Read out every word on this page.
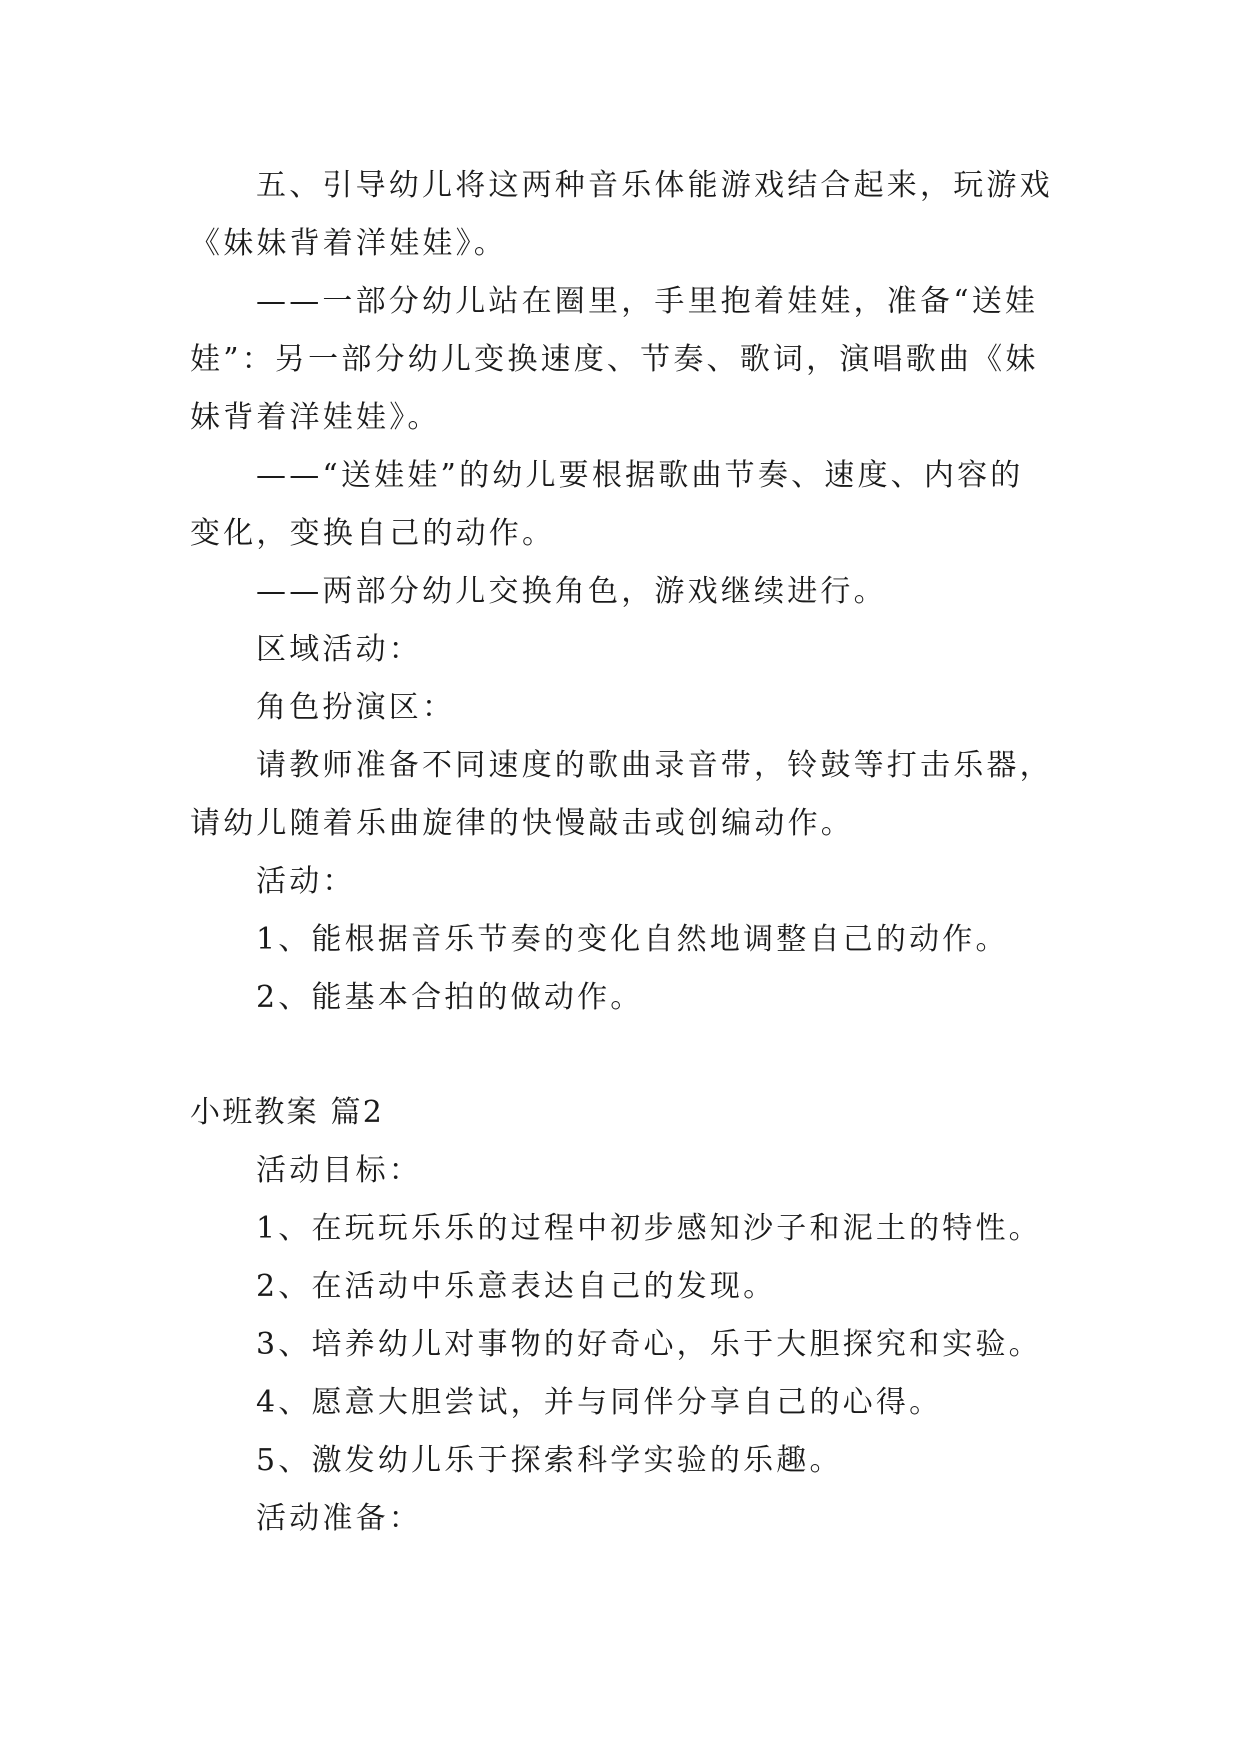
五、引导幼儿将这两种音乐体能游戏结合起来，玩游戏

《妹妹背着洋娃娃》。

——一部分幼儿站在圈里，手里抱着娃娃，准备“送娃

娃”：另一部分幼儿变换速度、节奏、歌词，演唱歌曲《妹

妹背着洋娃娃》。

——“送娃娃”的幼儿要根据歌曲节奏、速度、内容的

变化，变换自己的动作。

——两部分幼儿交换角色，游戏继续进行。

区域活动：

角色扮演区：

请教师准备不同速度的歌曲录音带，铃鼓等打击乐器，

请幼儿随着乐曲旋律的快慢敲击或创编动作。

活动：

1、能根据音乐节奏的变化自然地调整自己的动作。

2、能基本合拍的做动作。

小班教案 篇2

活动目标：

1、在玩玩乐乐的过程中初步感知沙子和泥土的特性。

2、在活动中乐意表达自己的发现。

3、培养幼儿对事物的好奇心，乐于大胆探究和实验。

4、愿意大胆尝试，并与同伴分享自己的心得。

5、激发幼儿乐于探索科学实验的乐趣。

活动准备：
